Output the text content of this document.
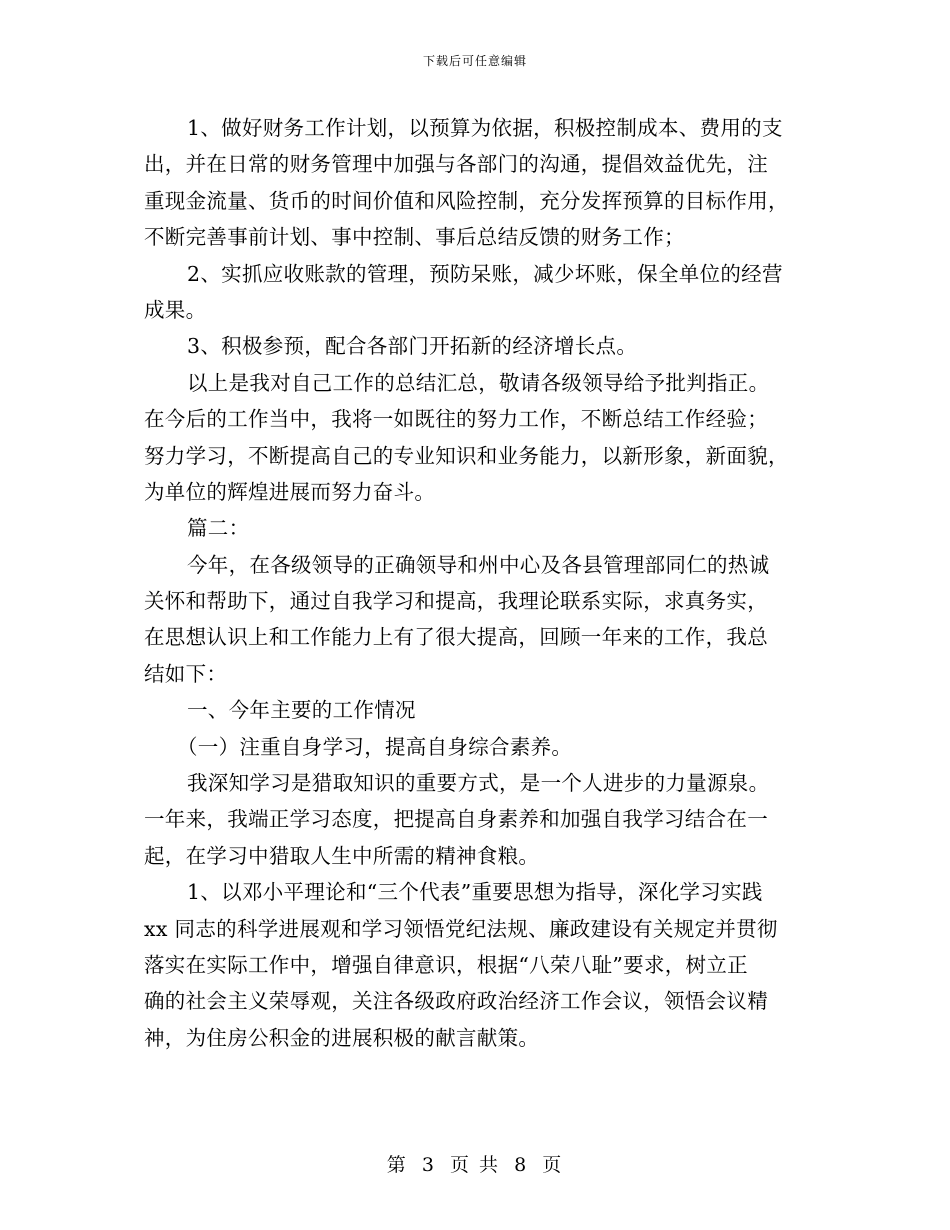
下载后可任意编辑
1、做好财务工作计划，以预算为依据，积极控制成本、费用的支
出，并在日常的财务管理中加强与各部门的沟通，提倡效益优先，注
重现金流量、货币的时间价值和风险控制，充分发挥预算的目标作用，
不断完善事前计划、事中控制、事后总结反馈的财务工作；
2、实抓应收账款的管理，预防呆账，减少坏账，保全单位的经营
成果。
3、积极参预，配合各部门开拓新的经济增长点。
以上是我对自己工作的总结汇总，敬请各级领导给予批判指正。
在今后的工作当中，我将一如既往的努力工作，不断总结工作经验；
努力学习，不断提高自己的专业知识和业务能力，以新形象，新面貌，
为单位的辉煌进展而努力奋斗。
篇二：
今年，在各级领导的正确领导和州中心及各县管理部同仁的热诚
关怀和帮助下，通过自我学习和提高，我理论联系实际，求真务实，
在思想认识上和工作能力上有了很大提高，回顾一年来的工作，我总
结如下：
一、今年主要的工作情况
（一）注重自身学习，提高自身综合素养。
我深知学习是猎取知识的重要方式，是一个人进步的力量源泉。
一年来，我端正学习态度，把提高自身素养和加强自我学习结合在一
起，在学习中猎取人生中所需的精神食粮。
1、以邓小平理论和“三个代表”重要思想为指导，深化学习实践
xx 同志的科学进展观和学习领悟党纪法规、廉政建设有关规定并贯彻
落实在实际工作中，增强自律意识，根据“八荣八耻”要求，树立正
确的社会主义荣辱观，关注各级政府政治经济工作会议，领悟会议精
神，为住房公积金的进展积极的献言献策。
第 3 页 共 8 页
